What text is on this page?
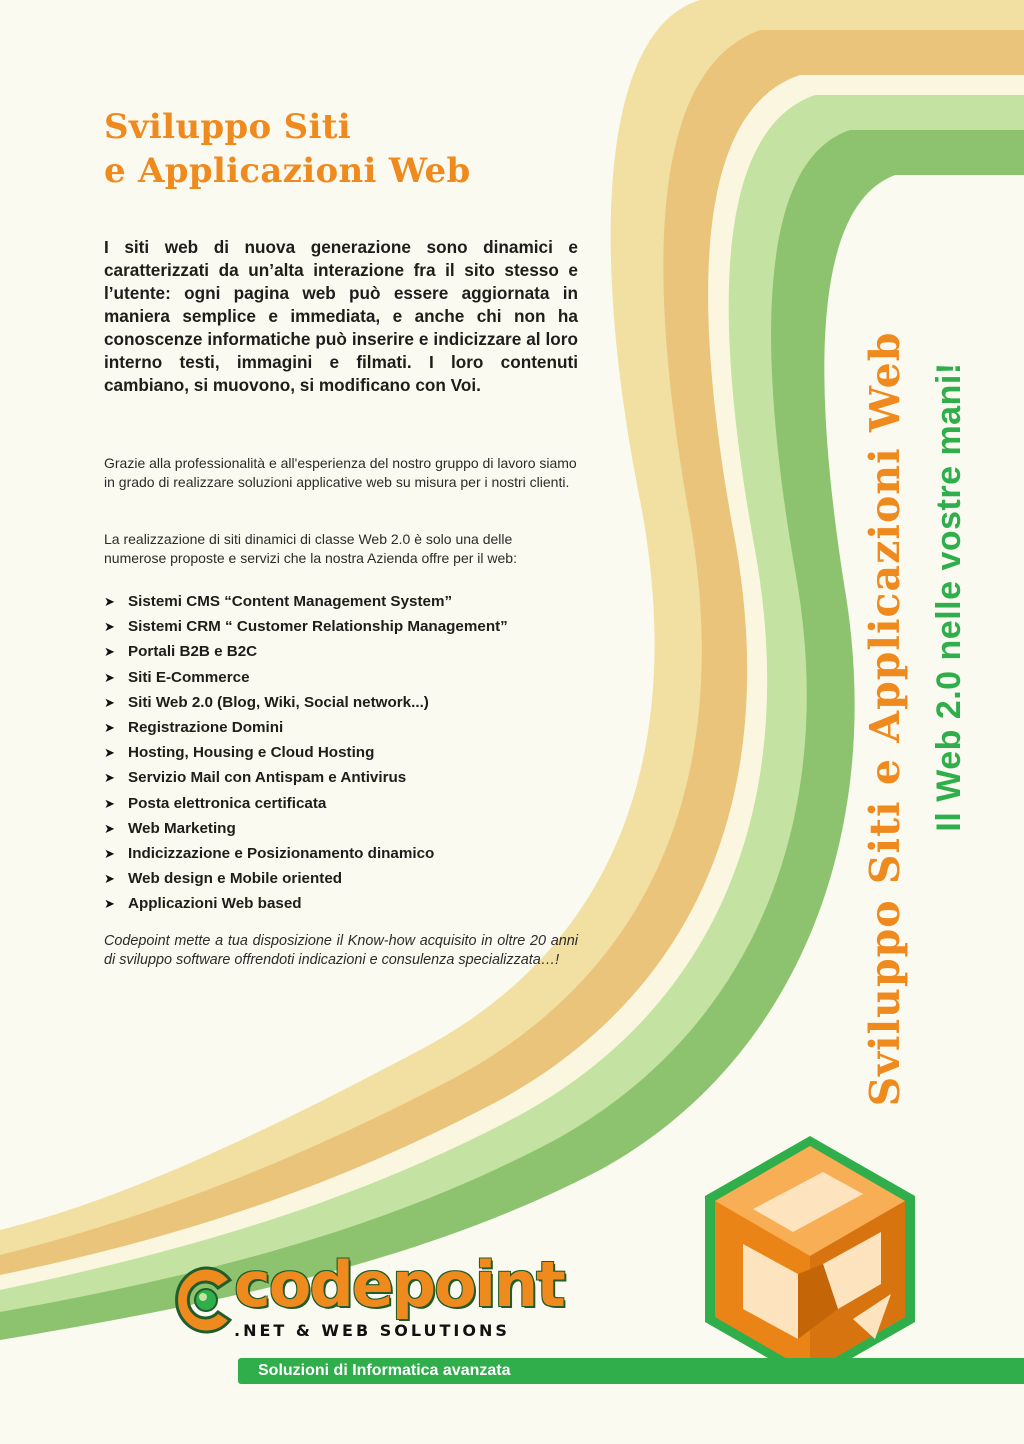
Sviluppo Siti
e Applicazioni Web

I siti web di nuova generazione sono dinamici e caratterizzati da un’alta interazione fra il sito stesso e l’utente: ogni pagina web può essere aggiornata in maniera semplice e immediata, e anche chi non ha conoscenze informatiche può inserire e indicizzare al loro interno testi, immagini e filmati. I loro contenuti cambiano, si muovono, si modificano con Voi.

Grazie alla professionalità e all'esperienza del nostro gruppo di lavoro siamo in grado di realizzare soluzioni applicative web su misura per i nostri clienti.

La realizzazione di siti dinamici di classe Web 2.0 è solo una delle numerose proposte e servizi che la nostra Azienda offre per il web:

➤ Sistemi CMS “Content Management System”
➤ Sistemi CRM “ Customer Relationship Management”
➤ Portali B2B e B2C
➤ Siti E-Commerce
➤ Siti Web 2.0 (Blog, Wiki, Social network...)
➤ Registrazione Domini
➤ Hosting, Housing e Cloud Hosting
➤ Servizio Mail con Antispam e Antivirus
➤ Posta elettronica certificata
➤ Web Marketing
➤ Indicizzazione e Posizionamento dinamico
➤ Web design e Mobile oriented
➤ Applicazioni Web based

Codepoint mette a tua disposizione il Know-how acquisito in oltre 20 anni di sviluppo software offrendoti indicazioni e consulenza specializzata…!	Sviluppo Siti e Applicazioni Web Il Web 2.0 nelle vostre mani!
codepoint
.NET & WEB SOLUTIONS

Soluzioni di Informatica avanzata
